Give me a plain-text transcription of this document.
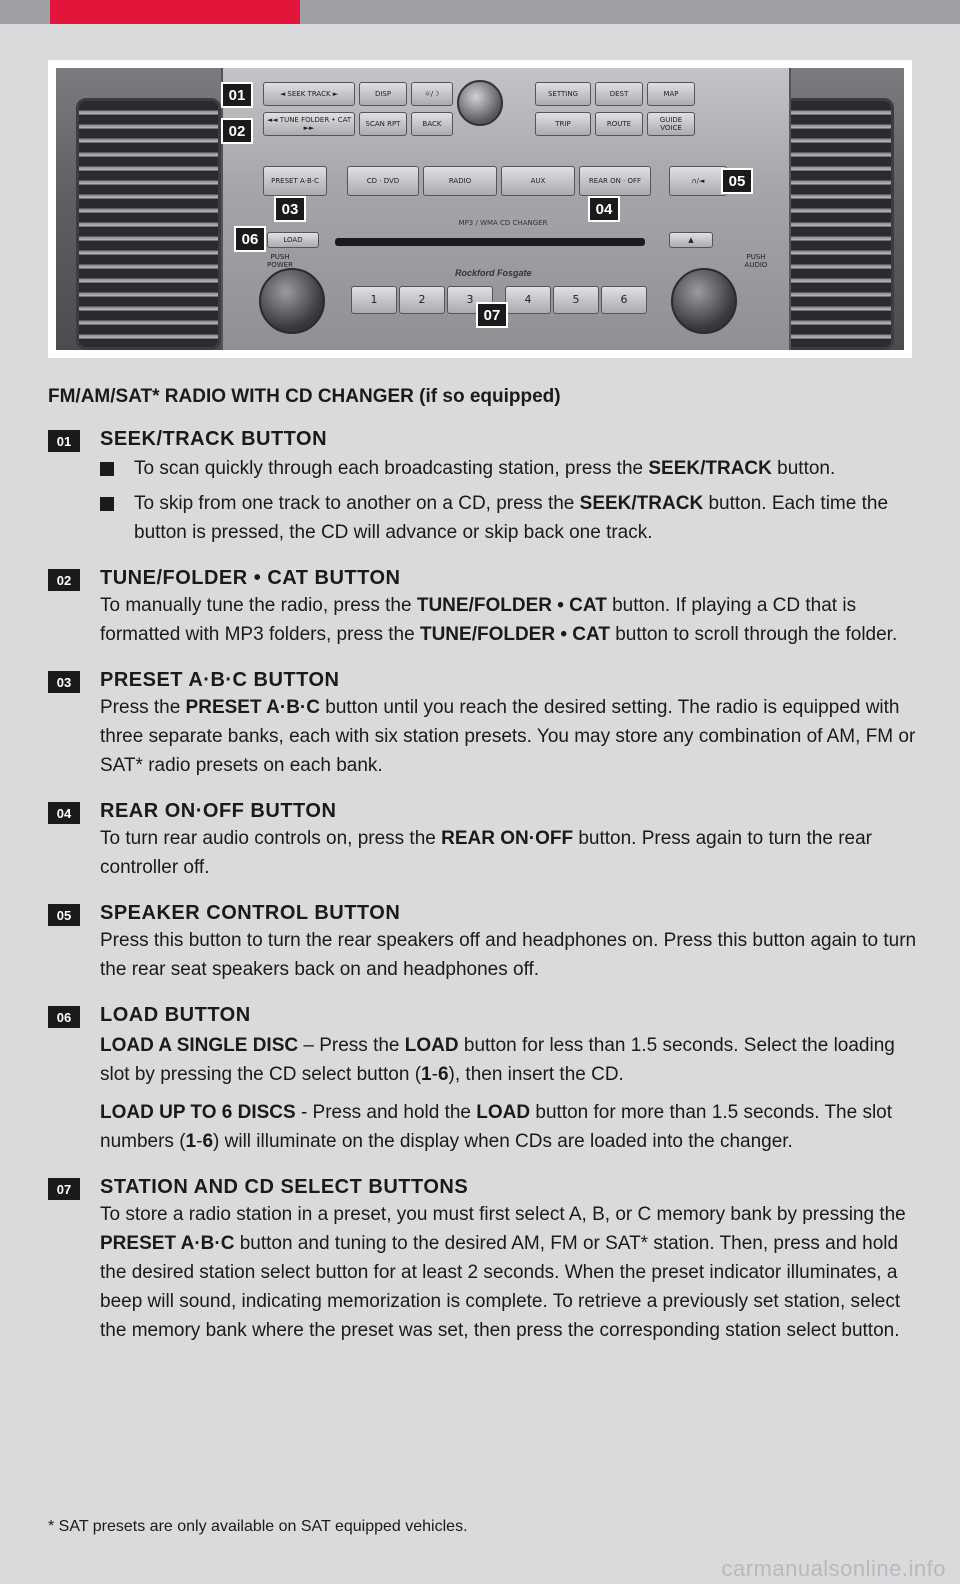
◄ SEEK TRACK ►	DISP	☼/☽	SETTING	DEST	MAP
◄◄ TUNE FOLDER • CAT ►►	SCAN RPT	BACK	TRIP	ROUTE	GUIDE VOICE
PRESET A·B·C	CD · DVD	RADIO	AUX	REAR ON · OFF	∩/◄
MP3 / WMA CD CHANGER
LOAD	▲
PUSH POWER
PUSH AUDIO
Rockford Fosgate
1	2	3	4	5	6
01
02
03	04
05
06
07
FM/AM/SAT* RADIO WITH CD CHANGER (if so equipped)
01	SEEK/TRACK BUTTON
To scan quickly through each broadcasting station, press the SEEK/TRACK button.
To skip from one track to another on a CD, press the SEEK/TRACK button. Each time the button is pressed, the CD will advance or skip back one track.
02	TUNE/FOLDER • CAT BUTTON
To manually tune the radio, press the TUNE/FOLDER • CAT button. If playing a CD that is formatted with MP3 folders, press the TUNE/FOLDER • CAT button to scroll through the folder.
03	PRESET A·B·C BUTTON
Press the PRESET A·B·C button until you reach the desired setting. The radio is equipped with three separate banks, each with six station presets. You may store any combination of AM, FM or SAT* radio presets on each bank.
04	REAR ON·OFF BUTTON
To turn rear audio controls on, press the REAR ON·OFF button. Press again to turn the rear controller off.
05	SPEAKER CONTROL BUTTON
Press this button to turn the rear speakers off and headphones on. Press this button again to turn the rear seat speakers back on and headphones off.
06	LOAD BUTTON
LOAD A SINGLE DISC – Press the LOAD button for less than 1.5 seconds. Select the loading slot by pressing the CD select button (1-6), then insert the CD.
LOAD UP TO 6 DISCS - Press and hold the LOAD button for more than 1.5 seconds. The slot numbers (1-6) will illuminate on the display when CDs are loaded into the changer.
07	STATION AND CD SELECT BUTTONS
To store a radio station in a preset, you must first select A, B, or C memory bank by pressing the PRESET A·B·C button and tuning to the desired AM, FM or SAT* station. Then, press and hold the desired station select button for at least 2 seconds. When the preset indicator illuminates, a beep will sound, indicating memorization is complete. To retrieve a previously set station, select the memory bank where the preset was set, then press the corresponding station select button.
* SAT presets are only available on SAT equipped vehicles.
carmanualsonline.info
